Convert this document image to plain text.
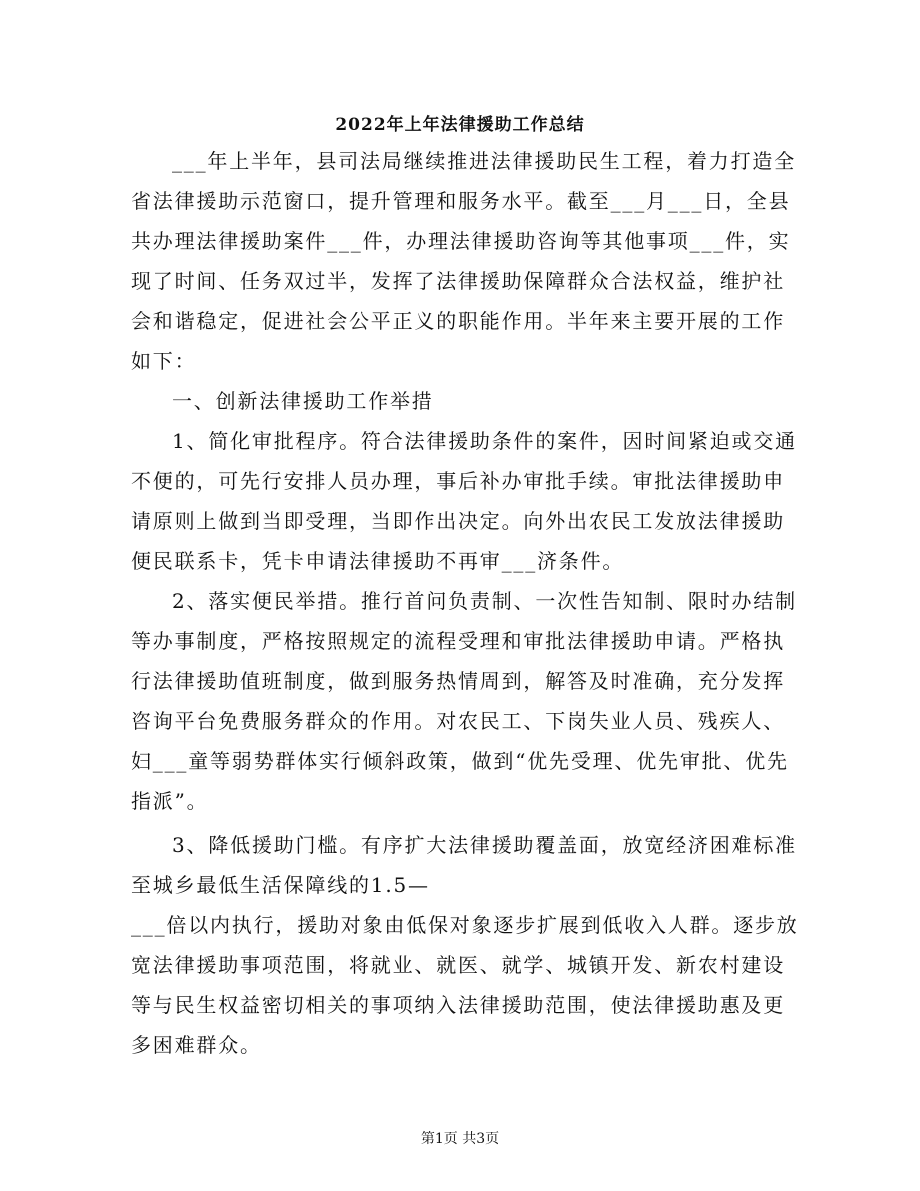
2022年上年法律援助工作总结
___年上半年，县司法局继续推进法律援助民生工程，着力打造全
省法律援助示范窗口，提升管理和服务水平。截至___月___日，全县
共办理法律援助案件___件，办理法律援助咨询等其他事项___件，实
现了时间、任务双过半，发挥了法律援助保障群众合法权益，维护社
会和谐稳定，促进社会公平正义的职能作用。半年来主要开展的工作
如下：
一、创新法律援助工作举措
1、简化审批程序。符合法律援助条件的案件，因时间紧迫或交通
不便的，可先行安排人员办理，事后补办审批手续。审批法律援助申
请原则上做到当即受理，当即作出决定。向外出农民工发放法律援助
便民联系卡，凭卡申请法律援助不再审___济条件。
2、落实便民举措。推行首问负责制、一次性告知制、限时办结制
等办事制度，严格按照规定的流程受理和审批法律援助申请。严格执
行法律援助值班制度，做到服务热情周到，解答及时准确，充分发挥
咨询平台免费服务群众的作用。对农民工、下岗失业人员、残疾人、
妇___童等弱势群体实行倾斜政策，做到“优先受理、优先审批、优先
指派”。
3、降低援助门槛。有序扩大法律援助覆盖面，放宽经济困难标准
至城乡最低生活保障线的1.5—
___倍以内执行，援助对象由低保对象逐步扩展到低收入人群。逐步放
宽法律援助事项范围，将就业、就医、就学、城镇开发、新农村建设
等与民生权益密切相关的事项纳入法律援助范围，使法律援助惠及更
多困难群众。
第1页 共3页
